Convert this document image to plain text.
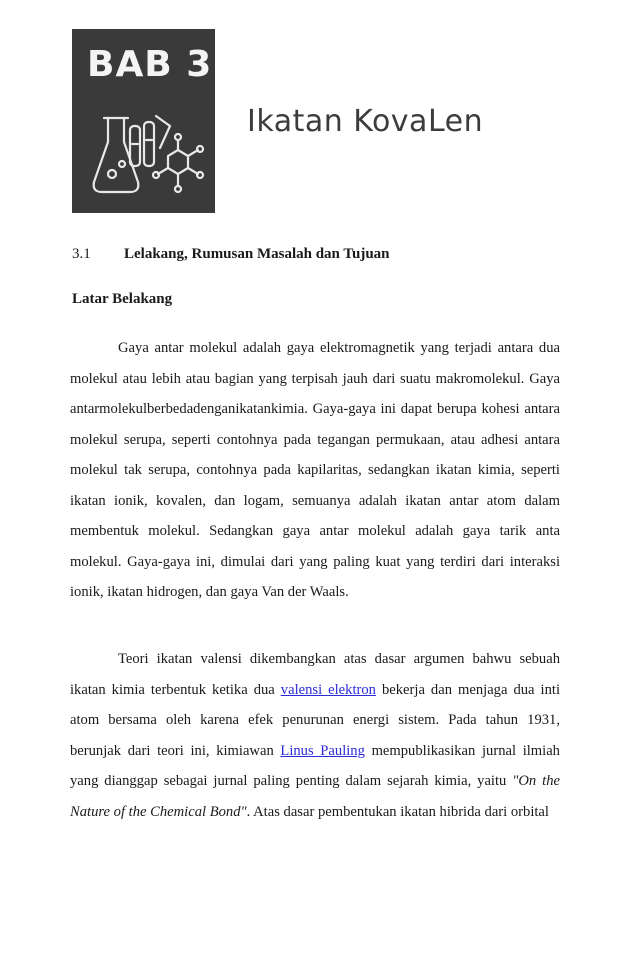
BAB 3
Ikatan KovaLen
3.1 Lelakang, Rumusan Masalah dan Tujuan
Latar Belakang

Gaya antar molekul adalah gaya elektromagnetik yang terjadi antara dua molekul atau lebih atau bagian yang terpisah jauh dari suatu makromolekul. Gaya antarmolekulberbedadenganikatankimia. Gaya-gaya ini dapat berupa kohesi antara molekul serupa, seperti contohnya pada tegangan permukaan, atau adhesi antara molekul tak serupa, contohnya pada kapilaritas, sedangkan ikatan kimia, seperti ikatan ionik, kovalen, dan logam, semuanya adalah ikatan antar atom dalam membentuk molekul. Sedangkan gaya antar molekul adalah gaya tarik anta molekul. Gaya-gaya ini, dimulai dari yang paling kuat yang terdiri dari interaksi ionik, ikatan hidrogen, dan gaya Van der Waals.

Teori ikatan valensi dikembangkan atas dasar argumen bahwu sebuah ikatan kimia terbentuk ketika dua valensi elektron bekerja dan menjaga dua inti atom bersama oleh karena efek penurunan energi sistem. Pada tahun 1931, berunjak dari teori ini, kimiawan Linus Pauling mempublikasikan jurnal ilmiah yang dianggap sebagai jurnal paling penting dalam sejarah kimia, yaitu "On the Nature of the Chemical Bond". Atas dasar pembentukan ikatan hibrida dari orbital
